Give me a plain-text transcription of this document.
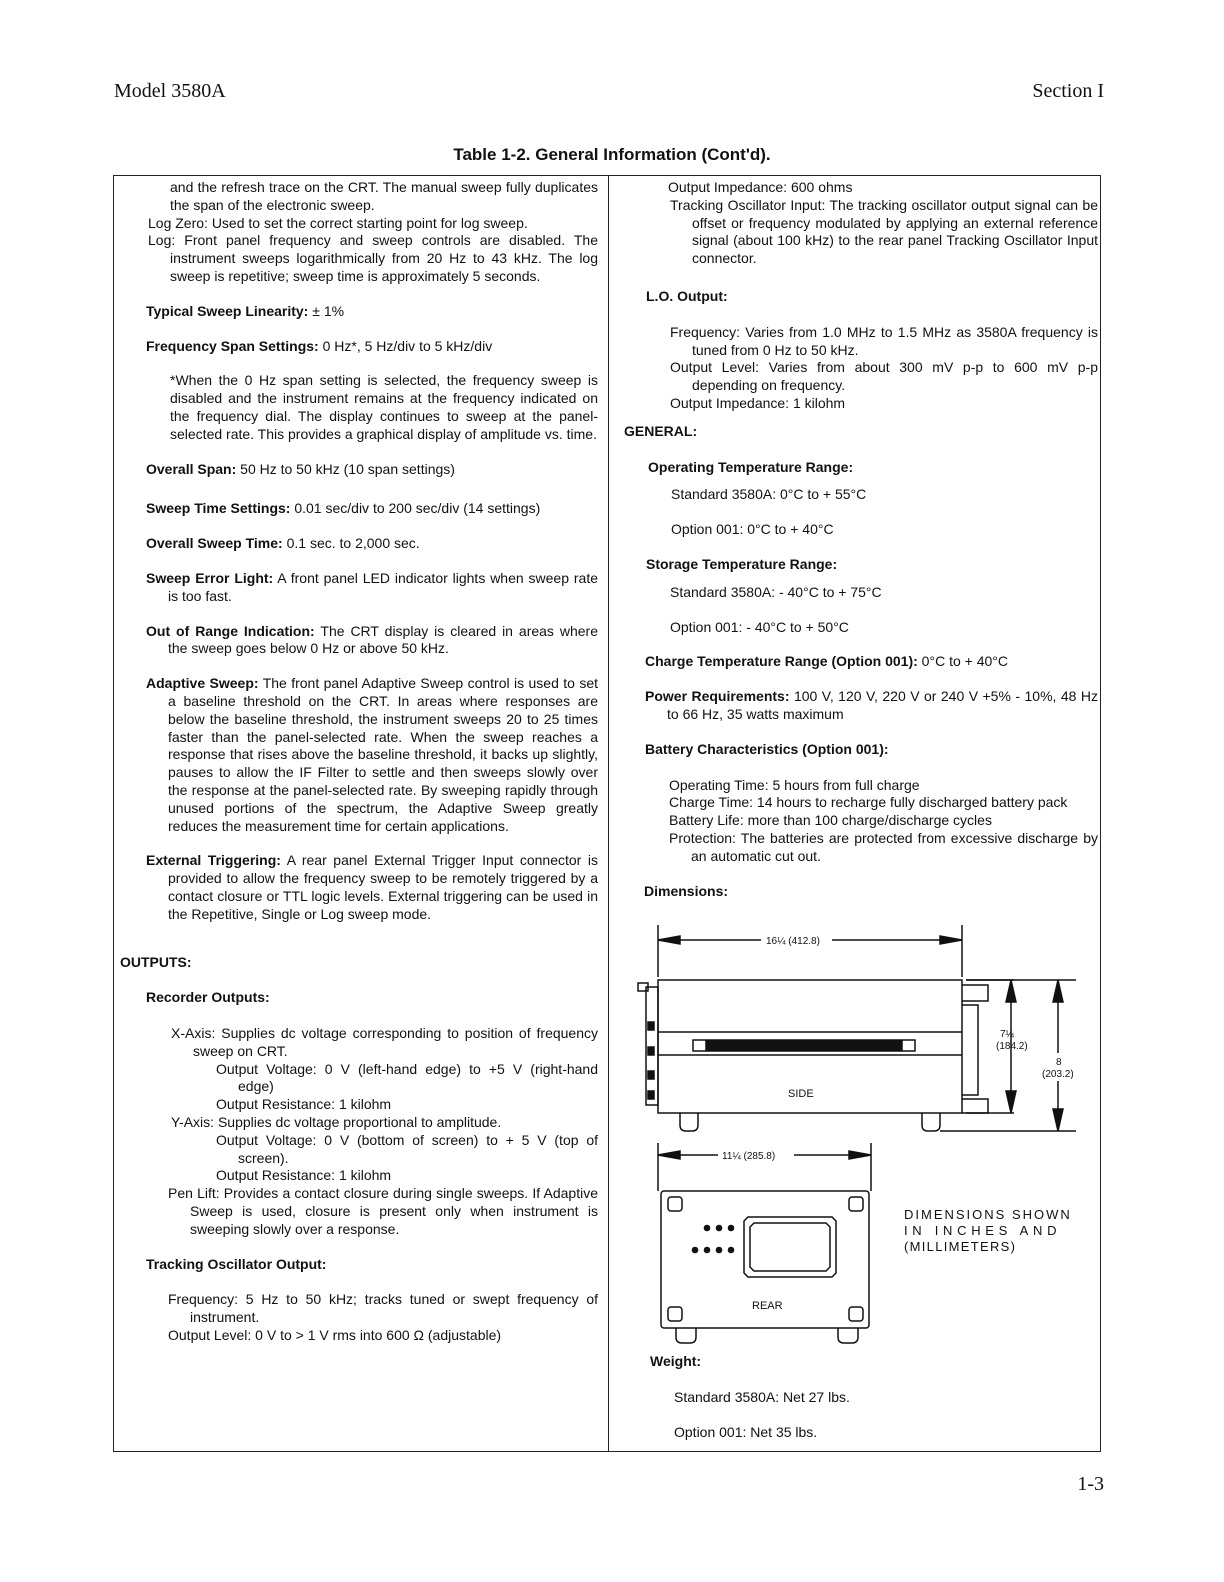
Model 3580A	Section I
Table 1-2. General Information (Cont'd).

and the refresh trace on the CRT. The manual sweep fully duplicates the span of the electronic sweep.

Log Zero: Used to set the correct starting point for log sweep.

Log: Front panel frequency and sweep controls are disabled. The instrument sweeps logarithmically from 20 Hz to 43 kHz. The log sweep is repetitive; sweep time is approximately 5 seconds.

Typical Sweep Linearity: ± 1%

Frequency Span Settings: 0 Hz*, 5 Hz/div to 5 kHz/div

*When the 0 Hz span setting is selected, the frequency sweep is disabled and the instrument remains at the frequency indicated on the frequency dial. The display continues to sweep at the panel-selected rate. This provides a graphical display of amplitude vs. time.

Overall Span: 50 Hz to 50 kHz (10 span settings)

Sweep Time Settings: 0.01 sec/div to 200 sec/div (14 settings)

Overall Sweep Time: 0.1 sec. to 2,000 sec.

Sweep Error Light: A front panel LED indicator lights when sweep rate is too fast.

Out of Range Indication: The CRT display is cleared in areas where the sweep goes below 0 Hz or above 50 kHz.

Adaptive Sweep: The front panel Adaptive Sweep control is used to set a baseline threshold on the CRT. In areas where responses are below the baseline threshold, the instrument sweeps 20 to 25 times faster than the panel-selected rate. When the sweep reaches a response that rises above the baseline threshold, it backs up slightly, pauses to allow the IF Filter to settle and then sweeps slowly over the response at the panel-selected rate. By sweeping rapidly through unused portions of the spectrum, the Adaptive Sweep greatly reduces the measurement time for certain applications.

External Triggering: A rear panel External Trigger Input connector is provided to allow the frequency sweep to be remotely triggered by a contact closure or TTL logic levels. External triggering can be used in the Repetitive, Single or Log sweep mode.

OUTPUTS:

Recorder Outputs:

X-Axis: Supplies dc voltage corresponding to position of frequency sweep on CRT.

Output Voltage: 0 V (left-hand edge) to +5 V (right-hand edge)

Output Resistance: 1 kilohm

Y-Axis: Supplies dc voltage proportional to amplitude.

Output Voltage: 0 V (bottom of screen) to + 5 V (top of screen).

Output Resistance: 1 kilohm

Pen Lift: Provides a contact closure during single sweeps. If Adaptive Sweep is used, closure is present only when instrument is sweeping slowly over a response.

Tracking Oscillator Output:

Frequency: 5 Hz to 50 kHz; tracks tuned or swept frequency of instrument.

Output Level: 0 V to > 1 V rms into 600 Ω (adjustable)

Output Impedance: 600 ohms

Tracking Oscillator Input: The tracking oscillator output signal can be offset or frequency modulated by applying an external reference signal (about 100 kHz) to the rear panel Tracking Oscillator Input connector.

L.O. Output:

Frequency: Varies from 1.0 MHz to 1.5 MHz as 3580A frequency is tuned from 0 Hz to 50 kHz.

Output Level: Varies from about 300 mV p-p to 600 mV p-p depending on frequency.

Output Impedance: 1 kilohm

GENERAL:

Operating Temperature Range:

Standard 3580A: 0°C to + 55°C

Option 001: 0°C to + 40°C

Storage Temperature Range:

Standard 3580A: - 40°C to + 75°C

Option 001: - 40°C to + 50°C

Charge Temperature Range (Option 001): 0°C to + 40°C

Power Requirements: 100 V, 120 V, 220 V or 240 V +5% - 10%, 48 Hz to 66 Hz, 35 watts maximum

Battery Characteristics (Option 001):

Operating Time: 5 hours from full charge

Charge Time: 14 hours to recharge fully discharged battery pack

Battery Life: more than 100 charge/discharge cycles

Protection: The batteries are protected from excessive discharge by an automatic cut out.

Dimensions:

16¼ (412.8)
SIDE
7¼
(184.2)
8
(203.2)
11¼ (285.8)
REAR
DIMENSIONS SHOWN
IN INCHES AND
(MILLIMETERS)

Weight:

Standard 3580A: Net 27 lbs.

Option 001: Net 35 lbs.

1-3
